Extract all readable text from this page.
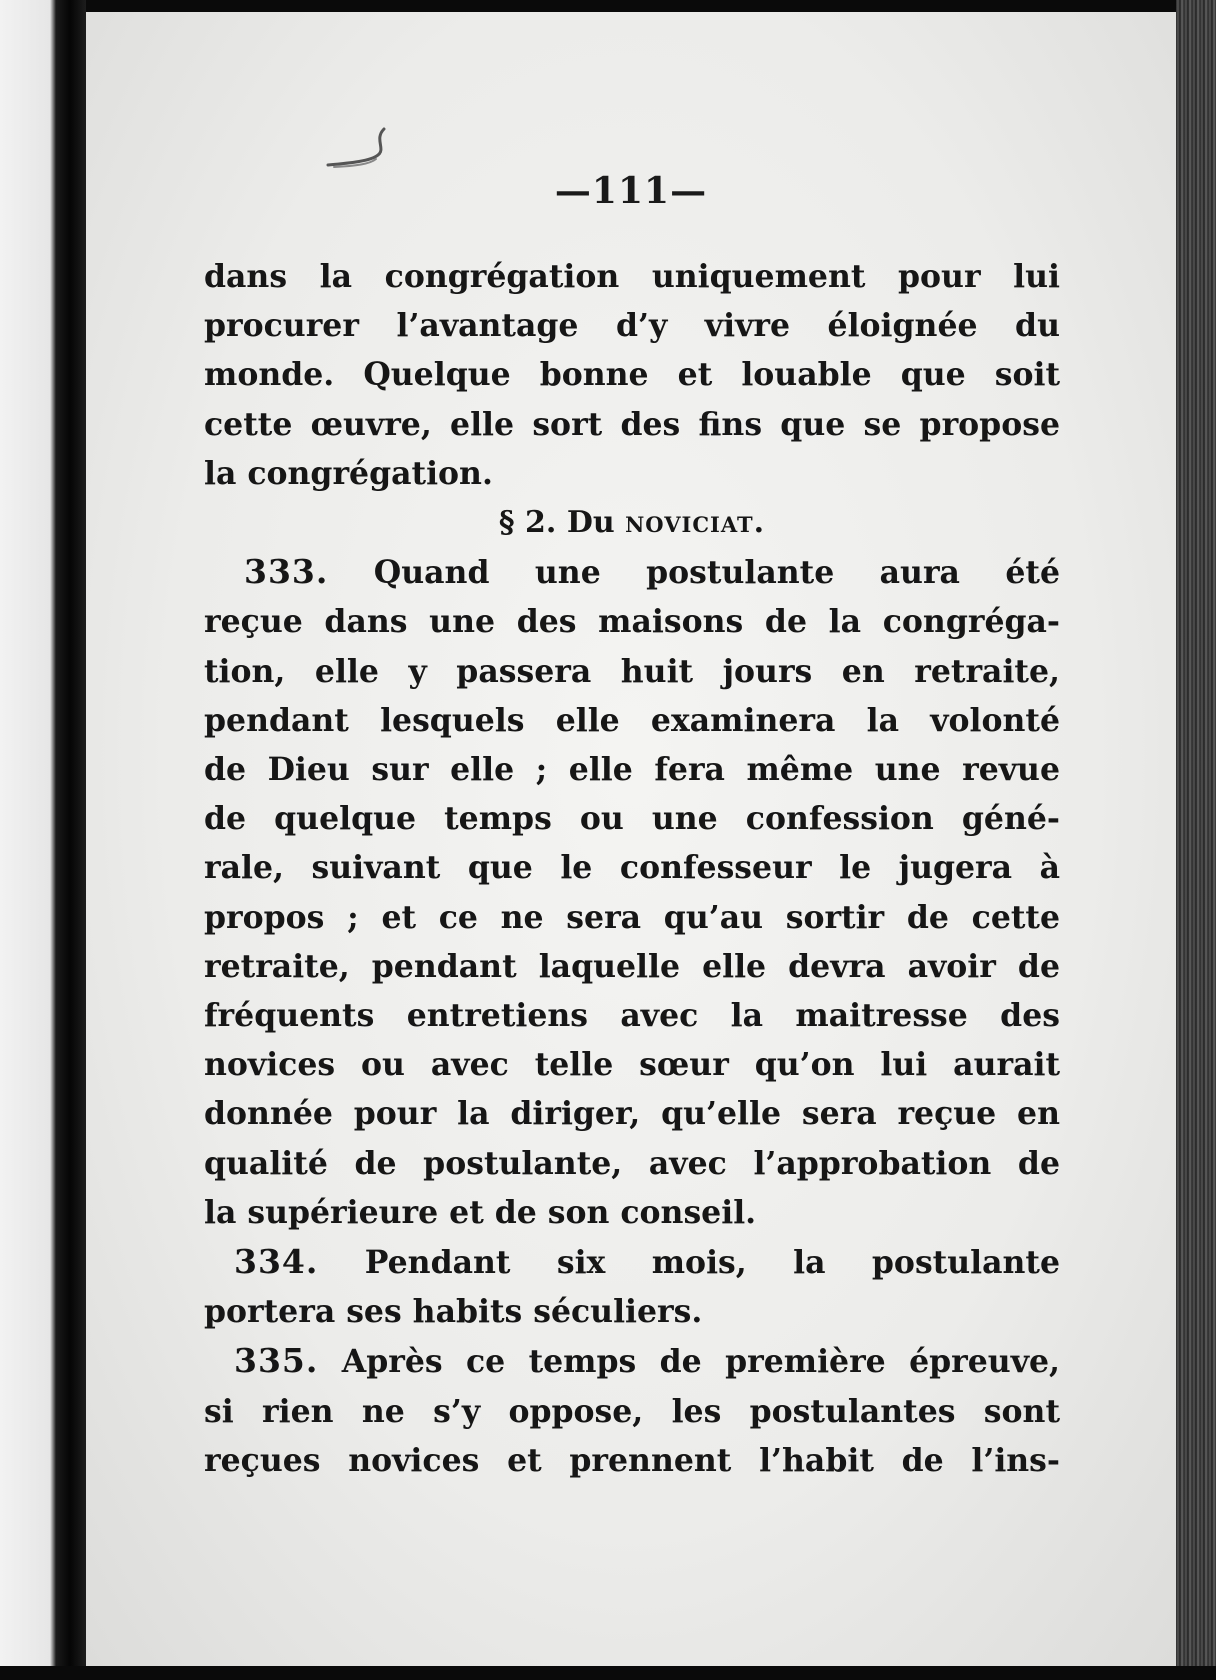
—111—
dans la congrégation uniquement pour lui
procurer l’avantage d’y vivre éloignée du
monde. Quelque bonne et louable que soit
cette œuvre, elle sort des fins que se propose
la congrégation.
§ 2. Du noviciat.
333. Quand une postulante aura été
reçue dans une des maisons de la congréga-
tion, elle y passera huit jours en retraite,
pendant lesquels elle examinera la volonté
de Dieu sur elle ; elle fera même une revue
de quelque temps ou une confession géné-
rale, suivant que le confesseur le jugera à
propos ; et ce ne sera qu’au sortir de cette
retraite, pendant laquelle elle devra avoir de
fréquents entretiens avec la maitresse des
novices ou avec telle sœur qu’on lui aurait
donnée pour la diriger, qu’elle sera reçue en
qualité de postulante, avec l’approbation de
la supérieure et de son conseil.
334. Pendant six mois, la postulante
portera ses habits séculiers.
335. Après ce temps de première épreuve,
si rien ne s’y oppose, les postulantes sont
reçues novices et prennent l’habit de l’ins-
